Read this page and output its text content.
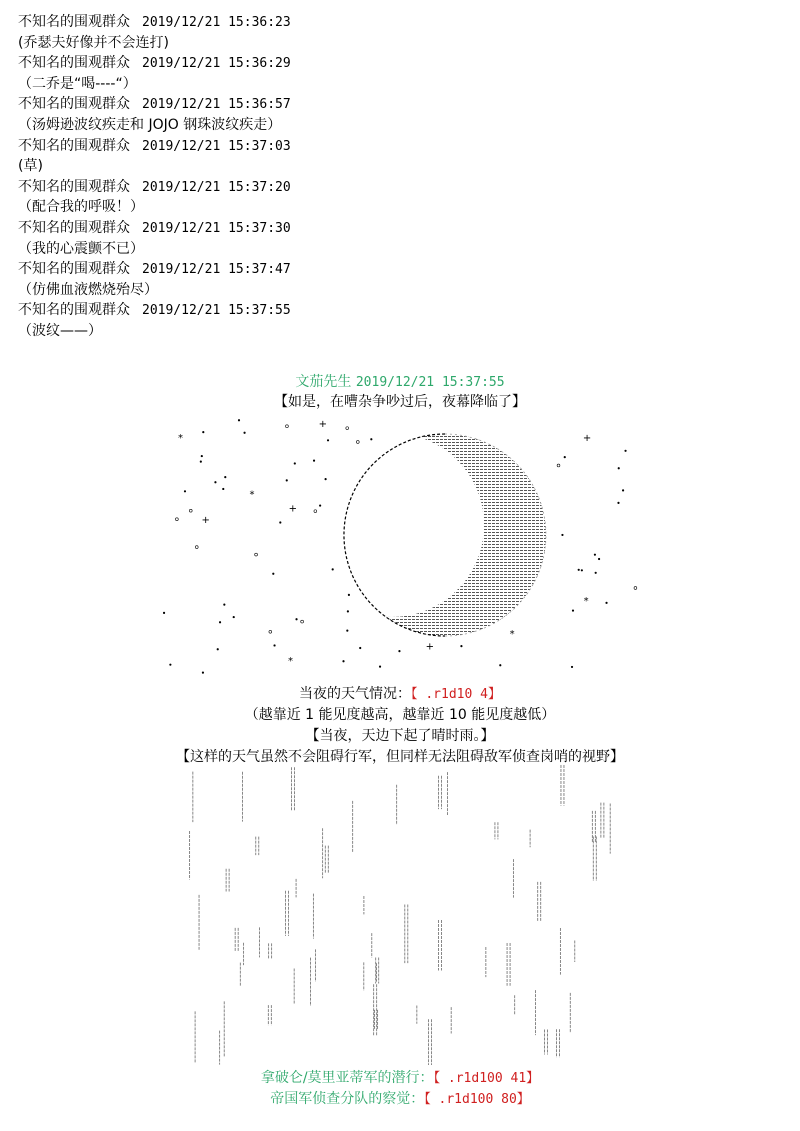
不知名的围观群众 2019/12/21 15:36:23
(乔瑟夫好像并不会连打)
不知名的围观群众 2019/12/21 15:36:29
（二乔是“喝----“）
不知名的围观群众 2019/12/21 15:36:57
（汤姆逊波纹疾走和 JOJO 钢珠波纹疾走）
不知名的围观群众 2019/12/21 15:37:03
(草)
不知名的围观群众 2019/12/21 15:37:20
（配合我的呼吸！）
不知名的围观群众 2019/12/21 15:37:30
（我的心震颤不已）
不知名的围观群众 2019/12/21 15:37:47
（仿佛血液燃烧殆尽）
不知名的围观群众 2019/12/21 15:37:55
（波纹——）
文茄先生 2019/12/21 15:37:55
【如是，在嘈杂争吵过后，夜幕降临了】
*
*
+
+
+
*
*
+
+
*
当夜的天气情况：【 .r1d10 4】
（越靠近 1 能见度越高，越靠近 10 能见度越低）
【当夜，天边下起了晴时雨。】
【这样的天气虽然不会阻碍行军，但同样无法阻碍敌军侦查岗哨的视野】
拿破仑/莫里亚蒂军的潜行：【 .r1d100 41】
帝国军侦查分队的察觉：【 .r1d100 80】
